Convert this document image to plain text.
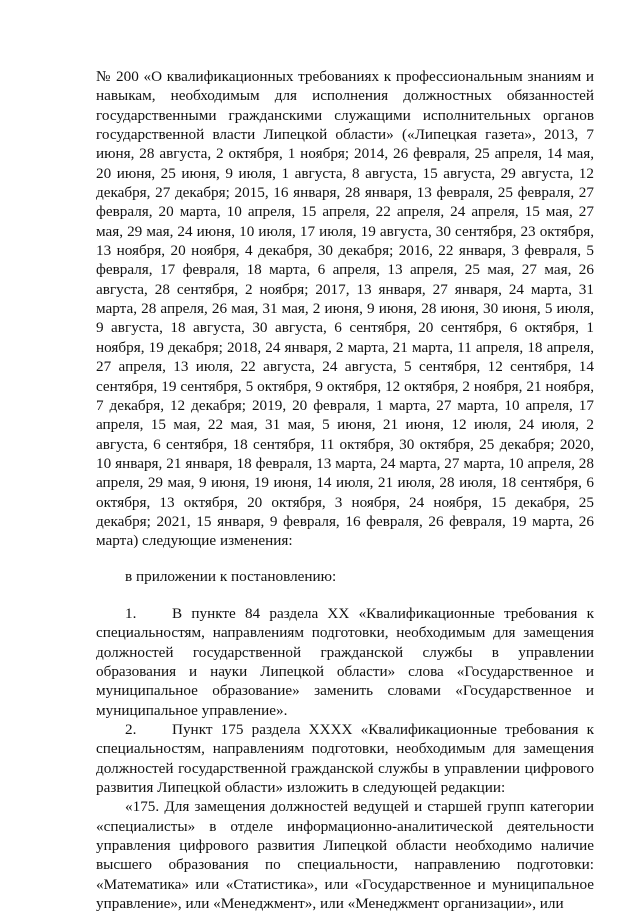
№ 200 «О квалификационных требованиях к профессиональным знаниям и навыкам, необходимым для исполнения должностных обязанностей государственными гражданскими служащими исполнительных органов государственной власти Липецкой области» («Липецкая газета», 2013, 7 июня, 28 августа, 2 октября, 1 ноября; 2014, 26 февраля, 25 апреля, 14 мая, 20 июня, 25 июня, 9 июля, 1 августа, 8 августа, 15 августа, 29 августа, 12 декабря, 27 декабря; 2015, 16 января, 28 января, 13 февраля, 25 февраля, 27 февраля, 20 марта, 10 апреля, 15 апреля, 22 апреля, 24 апреля, 15 мая, 27 мая, 29 мая, 24 июня, 10 июля, 17 июля, 19 августа, 30 сентября, 23 октября, 13 ноября, 20 ноября, 4 декабря, 30 декабря; 2016, 22 января, 3 февраля, 5 февраля, 17 февраля, 18 марта, 6 апреля, 13 апреля, 25 мая, 27 мая, 26 августа, 28 сентября, 2 ноября; 2017, 13 января, 27 января, 24 марта, 31 марта, 28 апреля, 26 мая, 31 мая, 2 июня, 9 июня, 28 июня, 30 июня, 5 июля, 9 августа, 18 августа, 30 августа, 6 сентября, 20 сентября, 6 октября, 1 ноября, 19 декабря; 2018, 24 января, 2 марта, 21 марта, 11 апреля, 18 апреля, 27 апреля, 13 июля, 22 августа, 24 августа, 5 сентября, 12 сентября, 14 сентября, 19 сентября, 5 октября, 9 октября, 12 октября, 2 ноября, 21 ноября, 7 декабря, 12 декабря; 2019, 20 февраля, 1 марта, 27 марта, 10 апреля, 17 апреля, 15 мая, 22 мая, 31 мая, 5 июня, 21 июня, 12 июля, 24 июля, 2 августа, 6 сентября, 18 сентября, 11 октября, 30 октября, 25 декабря; 2020, 10 января, 21 января, 18 февраля, 13 марта, 24 марта, 27 марта, 10 апреля, 28 апреля, 29 мая, 9 июня, 19 июня, 14 июля, 21 июля, 28 июля, 18 сентября, 6 октября, 13 октября, 20 октября, 3 ноября, 24 ноября, 15 декабря, 25 декабря; 2021, 15 января, 9 февраля, 16 февраля, 26 февраля, 19 марта, 26 марта) следующие изменения:

в приложении к постановлению:

1. В пункте 84 раздела XX «Квалификационные требования к специальностям, направлениям подготовки, необходимым для замещения должностей государственной гражданской службы в управлении образования и науки Липецкой области» слова «Государственное и муниципальное образование» заменить словами «Государственное и муниципальное управление».

2. Пункт 175 раздела XXXX «Квалификационные требования к специальностям, направлениям подготовки, необходимым для замещения должностей государственной гражданской службы в управлении цифрового развития Липецкой области» изложить в следующей редакции:

«175. Для замещения должностей ведущей и старшей групп категории «специалисты» в отделе информационно-аналитической деятельности управления цифрового развития Липецкой области необходимо наличие высшего образования по специальности, направлению подготовки: «Математика» или «Статистика», или «Государственное и муниципальное управление», или «Менеджмент», или «Менеджмент организации», или
